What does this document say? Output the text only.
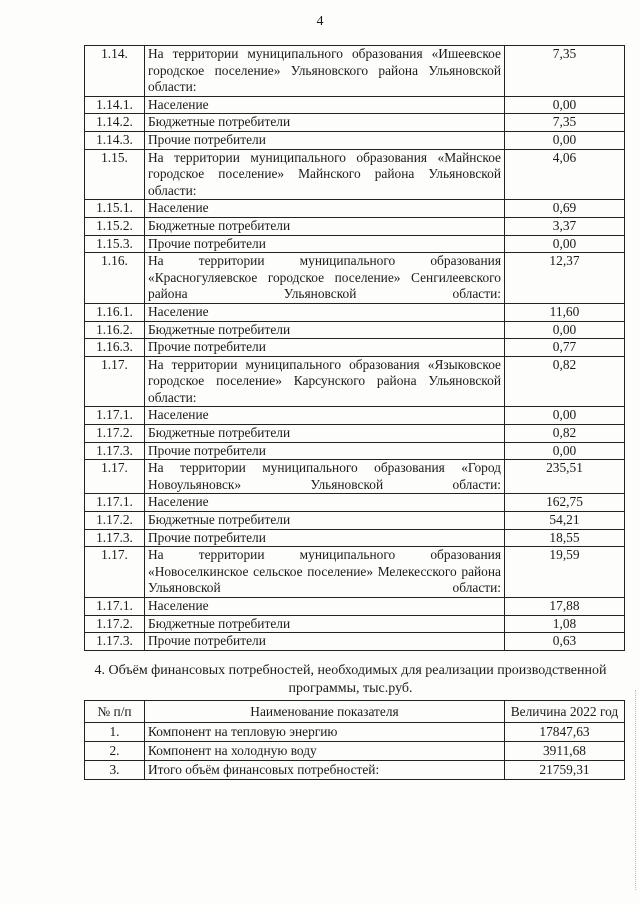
4
1.14.	На территории муниципального образования «Ишеевское городское поселение» Ульяновского района Ульяновской области:	7,35
1.14.1.	Население	0,00
1.14.2.	Бюджетные потребители	7,35
1.14.3.	Прочие потребители	0,00
1.15.	На территории муниципального образования «Майнское городское поселение» Майнского района Ульяновской области:	4,06
1.15.1.	Население	0,69
1.15.2.	Бюджетные потребители	3,37
1.15.3.	Прочие потребители	0,00
1.16.	На территории муниципального образования «Красногуляевское городское поселение» Сенгилеевского района Ульяновской области:	12,37
1.16.1.	Население	11,60
1.16.2.	Бюджетные потребители	0,00
1.16.3.	Прочие потребители	0,77
1.17.	На территории муниципального образования «Языковское городское поселение» Карсунского района Ульяновской области:	0,82
1.17.1.	Население	0,00
1.17.2.	Бюджетные потребители	0,82
1.17.3.	Прочие потребители	0,00
1.17.	На территории муниципального образования «Город Новоульяновск» Ульяновской области:	235,51
1.17.1.	Население	162,75
1.17.2.	Бюджетные потребители	54,21
1.17.3.	Прочие потребители	18,55
1.17.	На территории муниципального образования «Новоселкинское сельское поселение» Мелекесского района Ульяновской области:	19,59
1.17.1.	Население	17,88
1.17.2.	Бюджетные потребители	1,08
1.17.3.	Прочие потребители	0,63
4. Объём финансовых потребностей, необходимых для реализации производственной программы, тыс.руб.
№ п/п	Наименование показателя	Величина 2022 год
1.	Компонент на тепловую энергию	17847,63
2.	Компонент на холодную воду	3911,68
3.	Итого объём финансовых потребностей:	21759,31
